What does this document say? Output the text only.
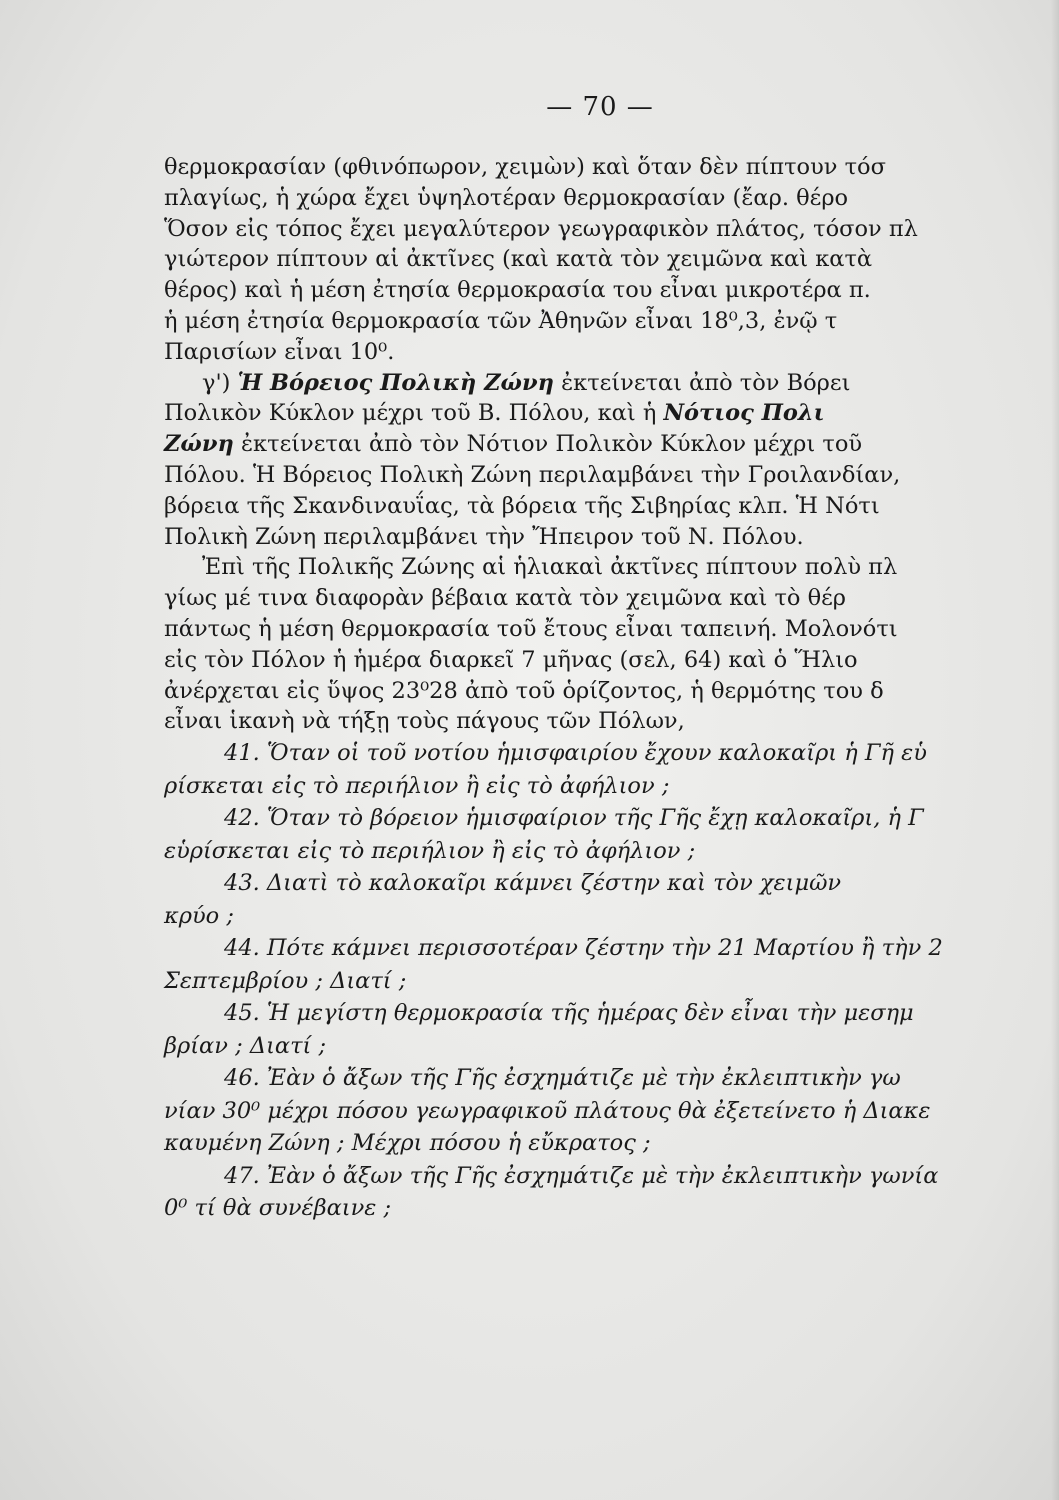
— 70 —
θερμοκρασίαν (φθινόπωρον, χειμὼν) καὶ ὅταν δὲν πίπτουν τόσ
πλαγίως, ἡ χώρα ἔχει ὑψηλοτέραν θερμοκρασίαν (ἔαρ. θέρο
Ὅσον εἰς τόπος ἔχει μεγαλύτερον γεωγραφικὸν πλάτος, τόσον πλ
γιώτερον πίπτουν αἱ ἀκτῖνες (καὶ κατὰ τὸν χειμῶνα καὶ κατὰ
θέρος) καὶ ἡ μέση ἐτησία θερμοκρασία του εἶναι μικροτέρα π.
ἡ μέση ἐτησία θερμοκρασία τῶν Ἀθηνῶν εἶναι 18⁰,3, ἐνῷ τ
Παρισίων εἶναι 10⁰.
γ') Ἡ Βόρειος Πολικὴ Ζώνη ἐκτείνεται ἀπὸ τὸν Βόρει
Πολικὸν Κύκλον μέχρι τοῦ Β. Πόλου, καὶ ἡ Νότιος Πολι
Ζώνη ἐκτείνεται ἀπὸ τὸν Νότιον Πολικὸν Κύκλον μέχρι τοῦ
Πόλου. Ἡ Βόρειος Πολικὴ Ζώνη περιλαμβάνει τὴν Γροιλανδίαν,
βόρεια τῆς Σκανδιναυΐας, τὰ βόρεια τῆς Σιβηρίας κλπ. Ἡ Νότι
Πολικὴ Ζώνη περιλαμβάνει τὴν Ἤπειρον τοῦ Ν. Πόλου.
Ἐπὶ τῆς Πολικῆς Ζώνης αἱ ἡλιακαὶ ἀκτῖνες πίπτουν πολὺ πλ
γίως μέ τινα διαφορὰν βέβαια κατὰ τὸν χειμῶνα καὶ τὸ θέρ
πάντως ἡ μέση θερμοκρασία τοῦ ἔτους εἶναι ταπεινή. Μολονότι
εἰς τὸν Πόλον ἡ ἡμέρα διαρκεῖ 7 μῆνας (σελ, 64) καὶ ὁ Ἥλιο
ἀνέρχεται εἰς ὕψος 23⁰28 ἀπὸ τοῦ ὁρίζοντος, ἡ θερμότης του δ
εἶναι ἱκανὴ νὰ τήξῃ τοὺς πάγους τῶν Πόλων,
41. Ὅταν οἱ τοῦ νοτίου ἡμισφαιρίου ἔχουν καλοκαῖρι ἡ Γῆ εὑ
ρίσκεται εἰς τὸ περιήλιον ἢ εἰς τὸ ἀφήλιον ;
42. Ὅταν τὸ βόρειον ἡμισφαίριον τῆς Γῆς ἔχῃ καλοκαῖρι, ἡ Γ
εὑρίσκεται εἰς τὸ περιήλιον ἢ εἰς τὸ ἀφήλιον ;
43. Διατὶ τὸ καλοκαῖρι κάμνει ζέστην καὶ τὸν χειμῶν
κρύο ;
44. Πότε κάμνει περισσοτέραν ζέστην τὴν 21 Μαρτίου ἢ τὴν 2
Σεπτεμβρίου ; Διατί ;
45. Ἡ μεγίστη θερμοκρασία τῆς ἡμέρας δὲν εἶναι τὴν μεσημ
βρίαν ; Διατί ;
46. Ἐὰν ὁ ἄξων τῆς Γῆς ἐσχημάτιζε μὲ τὴν ἐκλειπτικὴν γω
νίαν 30⁰ μέχρι πόσου γεωγραφικοῦ πλάτους θὰ ἐξετείνετο ἡ Διακε
καυμένη Ζώνη ; Μέχρι πόσου ἡ εὔκρατος ;
47. Ἐὰν ὁ ἄξων τῆς Γῆς ἐσχημάτιζε μὲ τὴν ἐκλειπτικὴν γωνία
0⁰ τί θὰ συνέβαινε ;
